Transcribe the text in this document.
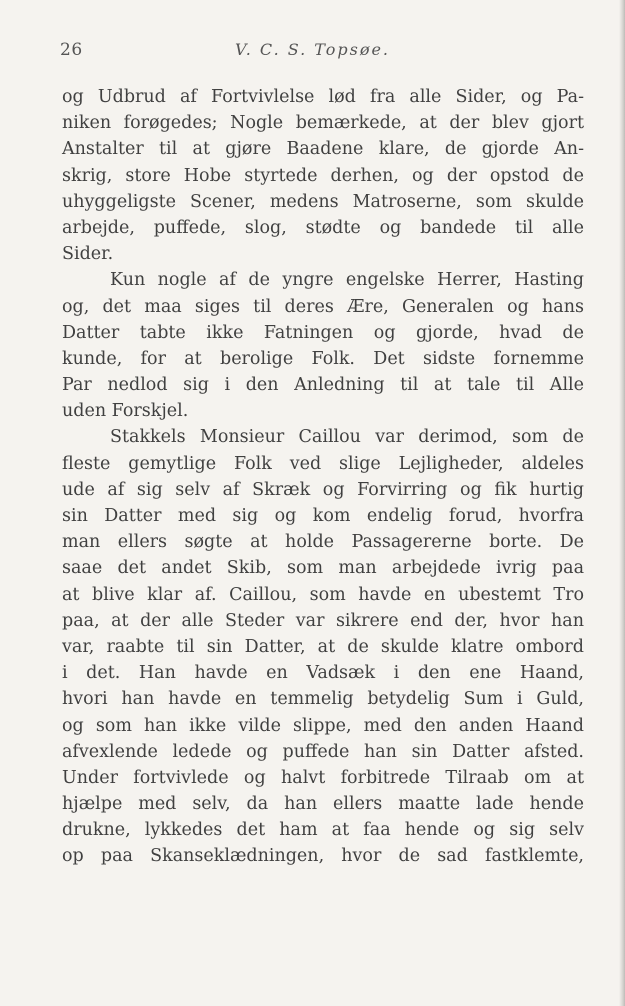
26	V. C. S. Topsøe.
og Udbrud af Fortvivlelse lød fra alle Sider, og Pa-
niken forøgedes; Nogle bemærkede, at der blev gjort
Anstalter til at gjøre Baadene klare, de gjorde An-
skrig, store Hobe styrtede derhen, og der opstod de
uhyggeligste Scener, medens Matroserne, som skulde
arbejde, puffede, slog, stødte og bandede til alle
Sider.
Kun nogle af de yngre engelske Herrer, Hasting
og, det maa siges til deres Ære, Generalen og hans
Datter tabte ikke Fatningen og gjorde, hvad de
kunde, for at berolige Folk. Det sidste fornemme
Par nedlod sig i den Anledning til at tale til Alle
uden Forskjel.
Stakkels Monsieur Caillou var derimod, som de
fleste gemytlige Folk ved slige Lejligheder, aldeles
ude af sig selv af Skræk og Forvirring og fik hurtig
sin Datter med sig og kom endelig forud, hvorfra
man ellers søgte at holde Passagererne borte. De
saae det andet Skib, som man arbejdede ivrig paa
at blive klar af. Caillou, som havde en ubestemt Tro
paa, at der alle Steder var sikrere end der, hvor han
var, raabte til sin Datter, at de skulde klatre ombord
i det. Han havde en Vadsæk i den ene Haand,
hvori han havde en temmelig betydelig Sum i Guld,
og som han ikke vilde slippe, med den anden Haand
afvexlende ledede og puffede han sin Datter afsted.
Under fortvivlede og halvt forbitrede Tilraab om at
hjælpe med selv, da han ellers maatte lade hende
drukne, lykkedes det ham at faa hende og sig selv
op paa Skanseklædningen, hvor de sad fastklemte,
